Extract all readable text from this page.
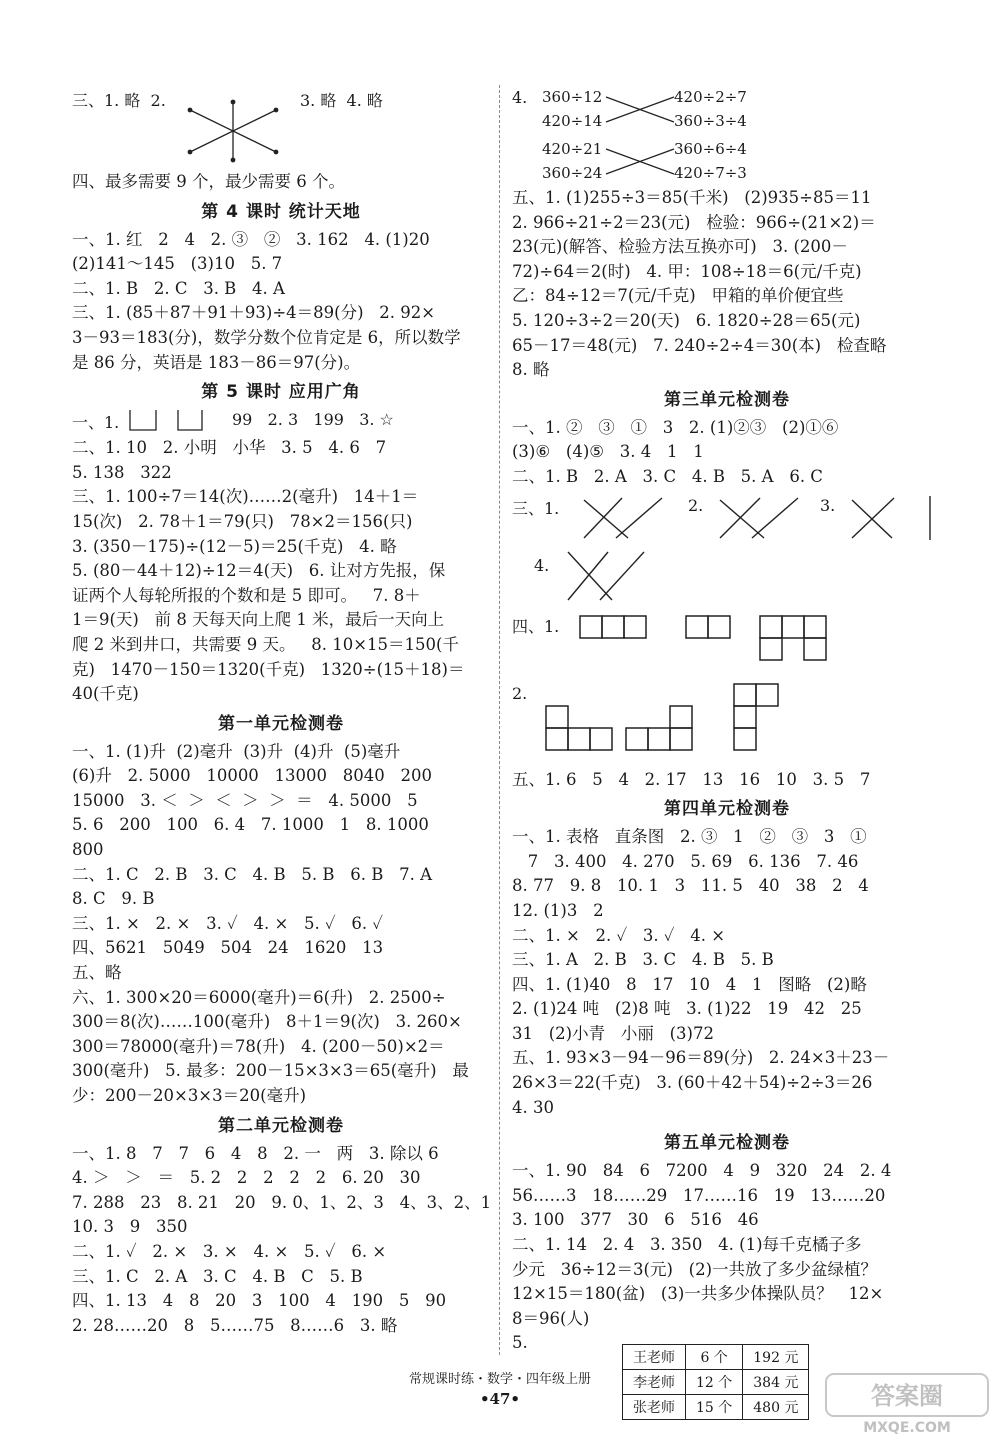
三、1. 略  2.	3. 略  4. 略
四、最多需要 9 个，最少需要 6 个。
第 4 课时 统计天地
一、1. 红   2   4   2. ③   ②   3. 162   4. (1)20
(2)141～145   (3)10   5. 7
二、1. B   2. C   3. B   4. A
三、1. (85＋87＋91＋93)÷4＝89(分)   2. 92×
3－93＝183(分)，数学分数个位肯定是 6，所以数学
是 86 分，英语是 183－86＝97(分)。
第 5 课时 应用广角
一、1.	99   2. 3   199   3. ☆
二、1. 10   2. 小明   小华   3. 5   4. 6   7
5. 138   322
三、1. 100÷7＝14(次)……2(毫升)   14＋1＝
15(次)   2. 78＋1＝79(只)   78×2＝156(只)
3. (350－175)÷(12－5)＝25(千克)   4. 略
5. (80－44＋12)÷12＝4(天)   6. 让对方先报，保
证两个人每轮所报的个数和是 5 即可。   7. 8＋
1＝9(天)   前 8 天每天向上爬 1 米，最后一天向上
爬 2 米到井口，共需要 9 天。   8. 10×15＝150(千
克)   1470－150＝1320(千克)   1320÷(15＋18)＝
40(千克)
第一单元检测卷
一、1. (1)升  (2)毫升  (3)升  (4)升  (5)毫升
(6)升   2. 5000   10000   13000   8040   200
15000   3. ＜  ＞  ＜  ＞  ＞  ＝   4. 5000   5
5. 6   200   100   6. 4   7. 1000   1   8. 1000
800
二、1. C   2. B   3. C   4. B   5. B   6. B   7. A
8. C   9. B
三、1. ×   2. ×   3. ✓   4. ×   5. ✓   6. ✓
四、5621   5049   504   24   1620   13
五、略
六、1. 300×20＝6000(毫升)＝6(升)   2. 2500÷
300＝8(次)……100(毫升)   8＋1＝9(次)   3. 260×
300＝78000(毫升)＝78(升)   4. (200－50)×2＝
300(毫升)   5. 最多：200－15×3×3＝65(毫升)   最
少：200－20×3×3＝20(毫升)
第二单元检测卷
一、1. 8   7   7   6   4   8   2. 一   两   3. 除以 6
4. ＞   ＞   ＝   5. 2   2   2   2   2   6. 20   30
7. 288   23   8. 21   20   9. 0、1、2、3   4、3、2、1
10. 3   9   350
二、1. ✓   2. ×   3. ×   4. ×   5. ✓   6. ×
三、1. C   2. A   3. C   4. B   C   5. B
四、1. 13   4   8   20   3   100   4   190   5   90
2. 28……20   8   5……75   8……6   3. 略
4. 360÷12
420÷14
420÷21
360÷24
420÷2÷7
360÷3÷4
360÷6÷4
420÷7÷3
五、1. (1)255÷3＝85(千米)   (2)935÷85＝11
2. 966÷21÷2＝23(元)   检验：966÷(21×2)＝
23(元)(解答、检验方法互换亦可)   3. (200－
72)÷64＝2(时)   4. 甲：108÷18＝6(元/千克)
乙：84÷12＝7(元/千克)   甲箱的单价便宜些
5. 120÷3÷2＝20(天)   6. 1820÷28＝65(元)
65－17＝48(元)   7. 240÷2÷4＝30(本)   检查略
8. 略
第三单元检测卷
一、1. ②   ③   ①   3   2. (1)②③   (2)①⑥
(3)⑥   (4)⑤   3. 4   1   1
二、1. B   2. A   3. C   4. B   5. A   6. C
三、1.	2.	3.
4.
四、1.
2.
五、1. 6   5   4   2. 17   13   16   10   3. 5   7
第四单元检测卷
一、1. 表格   直条图   2. ③   1   ②   ③   3   ①
7   3. 400   4. 270   5. 69   6. 136   7. 46
8. 77   9. 8   10. 1   3   11. 5   40   38   2   4
12. (1)3   2
二、1. ×   2. ✓   3. ✓   4. ×
三、1. A   2. B   3. C   4. B   5. B
四、1. (1)40   8   17   10   4   1   图略   (2)略
2. (1)24 吨   (2)8 吨   3. (1)22   19   42   25
31   (2)小青   小丽   (3)72
五、1. 93×3－94－96＝89(分)   2. 24×3＋23－
26×3＝22(千克)   3. (60＋42＋54)÷2÷3＝26
4. 30
第五单元检测卷
一、1. 90   84   6   7200   4   9   320   24   2. 4
56……3   18……29   17……16   19   13……20
3. 100   377   30   6   516   46
二、1. 14   2. 4   3. 350   4. (1)每千克橘子多
少元   36÷12＝3(元)   (2)一共放了多少盆绿植？
12×15＝180(盆)   (3)一共多少体操队员？   12×
8＝96(人)
5.
王老师	6 个	192 元
李老师	12 个	384 元
张老师	15 个	480 元
常规课时练・数学・四年级上册
•47•	答案圈
MXQE.COM
